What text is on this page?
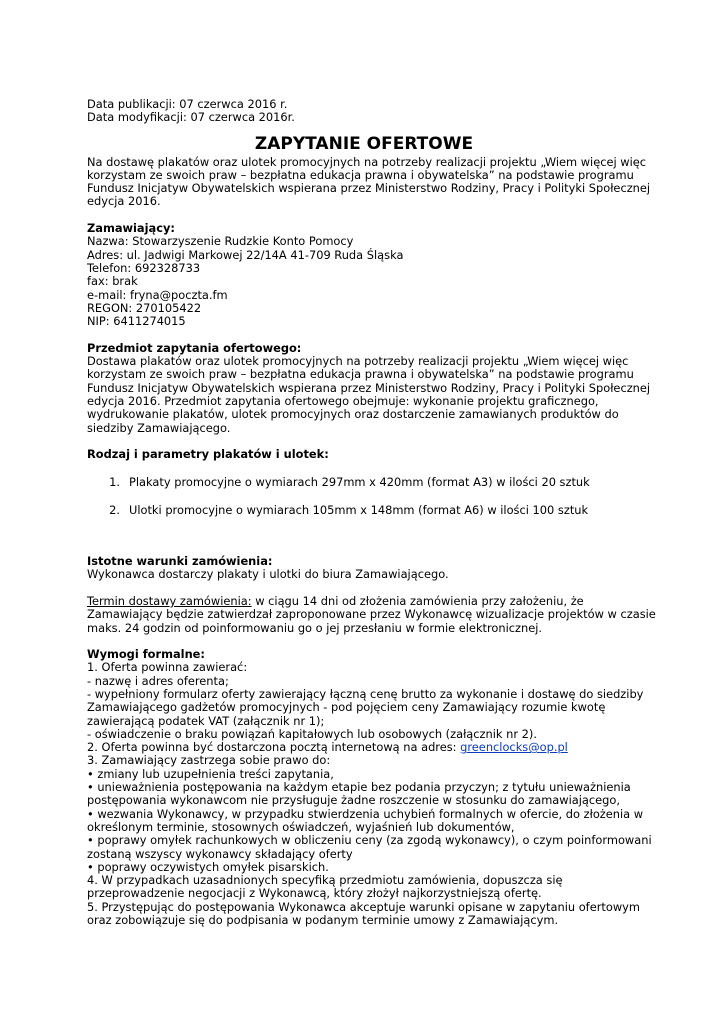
Data publikacji: 07 czerwca 2016 r.
Data modyfikacji: 07 czerwca 2016r.
ZAPYTANIE OFERTOWE
Na dostawę plakatów oraz ulotek promocyjnych na potrzeby realizacji projektu „Wiem więcej więc
korzystam ze swoich praw – bezpłatna edukacja prawna i obywatelska” na podstawie programu
Fundusz Inicjatyw Obywatelskich wspierana przez Ministerstwo Rodziny, Pracy i Polityki Społecznej
edycja 2016.
Zamawiający:
Nazwa: Stowarzyszenie Rudzkie Konto Pomocy
Adres: ul. Jadwigi Markowej 22/14A 41-709 Ruda Śląska
Telefon: 692328733
fax: brak
e-mail: fryna@poczta.fm
REGON: 270105422
NIP: 6411274015
Przedmiot zapytania ofertowego:
Dostawa plakatów oraz ulotek promocyjnych na potrzeby realizacji projektu „Wiem więcej więc
korzystam ze swoich praw – bezpłatna edukacja prawna i obywatelska” na podstawie programu
Fundusz Inicjatyw Obywatelskich wspierana przez Ministerstwo Rodziny, Pracy i Polityki Społecznej
edycja 2016. Przedmiot zapytania ofertowego obejmuje: wykonanie projektu graficznego,
wydrukowanie plakatów, ulotek promocyjnych oraz dostarczenie zamawianych produktów do
siedziby Zamawiającego.
Rodzaj i parametry plakatów i ulotek:
1. Plakaty promocyjne o wymiarach 297mm x 420mm (format A3) w ilości 20 sztuk
2. Ulotki promocyjne o wymiarach 105mm x 148mm (format A6) w ilości 100 sztuk
Istotne warunki zamówienia:
Wykonawca dostarczy plakaty i ulotki do biura Zamawiającego.
Termin dostawy zamówienia: w ciągu 14 dni od złożenia zamówienia przy założeniu, że
Zamawiający będzie zatwierdzał zaproponowane przez Wykonawcę wizualizacje projektów w czasie
maks. 24 godzin od poinformowaniu go o jej przesłaniu w formie elektronicznej.
Wymogi formalne:
1. Oferta powinna zawierać:
- nazwę i adres oferenta;
- wypełniony formularz oferty zawierający łączną cenę brutto za wykonanie i dostawę do siedziby
Zamawiającego gadżetów promocyjnych - pod pojęciem ceny Zamawiający rozumie kwotę
zawierającą podatek VAT (załącznik nr 1);
- oświadczenie o braku powiązań kapitałowych lub osobowych (załącznik nr 2).
2. Oferta powinna być dostarczona pocztą internetową na adres: greenclocks@op.pl
3. Zamawiający zastrzega sobie prawo do:
• zmiany lub uzupełnienia treści zapytania,
• unieważnienia postępowania na każdym etapie bez podania przyczyn; z tytułu unieważnienia
postępowania wykonawcom nie przysługuje żadne roszczenie w stosunku do zamawiającego,
• wezwania Wykonawcy, w przypadku stwierdzenia uchybień formalnych w ofercie, do złożenia w
określonym terminie, stosownych oświadczeń, wyjaśnień lub dokumentów,
• poprawy omyłek rachunkowych w obliczeniu ceny (za zgodą wykonawcy), o czym poinformowani
zostaną wszyscy wykonawcy składający oferty
• poprawy oczywistych omyłek pisarskich.
4. W przypadkach uzasadnionych specyfiką przedmiotu zamówienia, dopuszcza się
przeprowadzenie negocjacji z Wykonawcą, który złożył najkorzystniejszą ofertę.
5. Przystępując do postępowania Wykonawca akceptuje warunki opisane w zapytaniu ofertowym
oraz zobowiązuje się do podpisania w podanym terminie umowy z Zamawiającym.
